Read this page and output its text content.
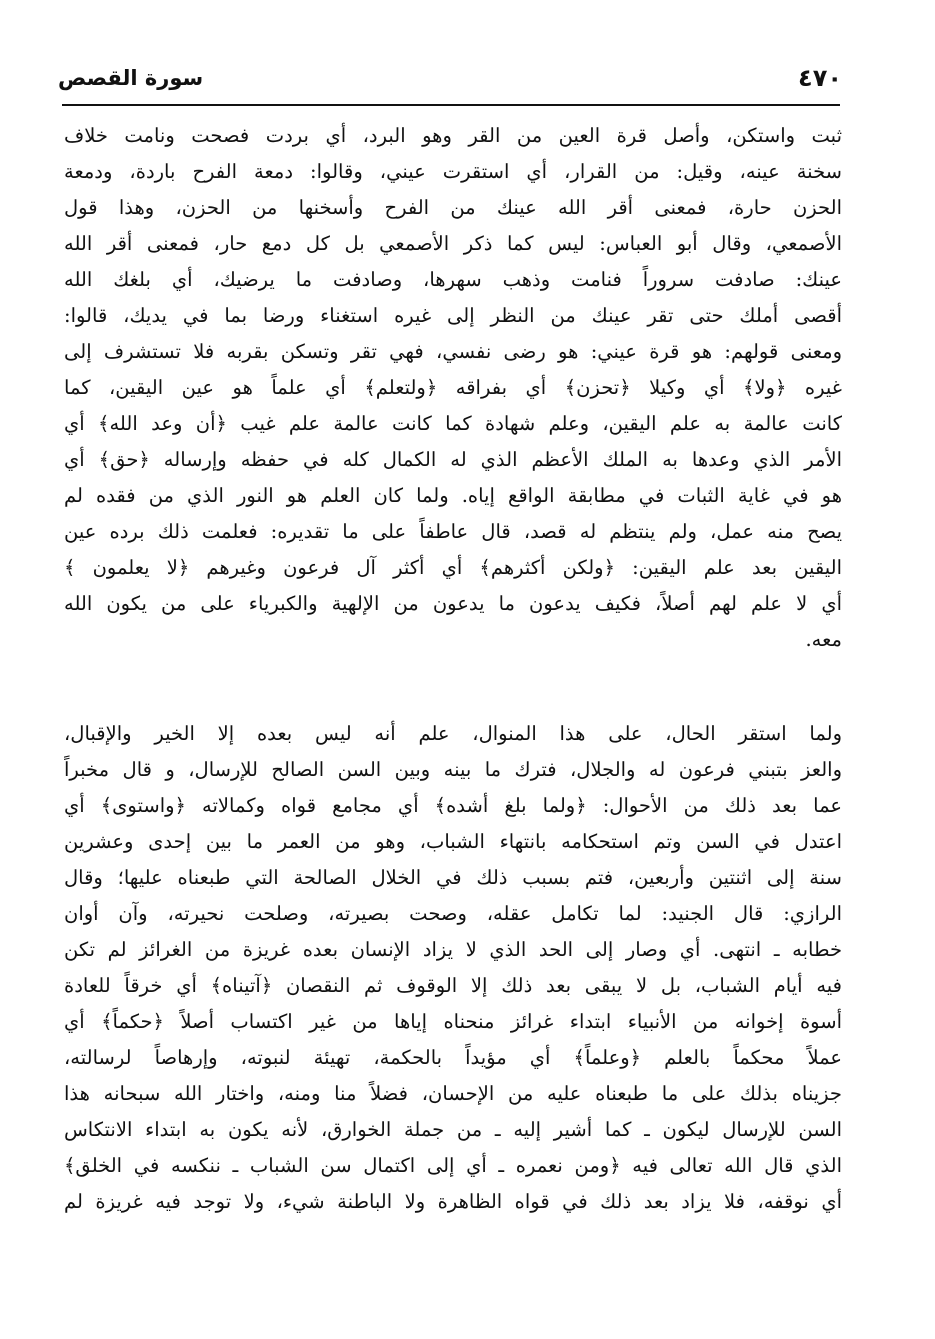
٤٧٠
سورة القصص
ثبت واستكن، وأصل قرة العين من القر وهو البرد، أي بردت فصحت ونامت خلاف
سخنة عينه، وقيل: من القرار، أي استقرت عيني، وقالوا: دمعة الفرح باردة، ودمعة
الحزن حارة، فمعنى أقر الله عينك من الفرح وأسخنها من الحزن، وهذا قول
الأصمعي، وقال أبو العباس: ليس كما ذكر الأصمعي بل كل دمع حار، فمعنى أقر الله
عينك: صادفت سروراً فنامت وذهب سهرها، وصادفت ما يرضيك، أي بلغك الله
أقصى أملك حتى تقر عينك من النظر إلى غيره استغناء ورضا بما في يديك، قالوا:
ومعنى قولهم: هو قرة عيني: هو رضى نفسي، فهي تقر وتسكن بقربه فلا تستشرف إلى
غيره ﴿ولا﴾ أي وكيلا ﴿تحزن﴾ أي بفراقه ﴿ولتعلم﴾ أي علماً هو عين اليقين، كما
كانت عالمة به علم اليقين، وعلم شهادة كما كانت عالمة علم غيب ﴿أن وعد الله﴾ أي
الأمر الذي وعدها به الملك الأعظم الذي له الكمال كله في حفظه وإرساله ﴿حق﴾ أي
هو في غاية الثبات في مطابقة الواقع إياه. ولما كان العلم هو النور الذي من فقده لم
يصح منه عمل، ولم ينتظم له قصد، قال عاطفاً على ما تقديره: فعلمت ذلك برده عين
اليقين بعد علم اليقين: ﴿ولكن أكثرهم﴾ أي أكثر آل فرعون وغيرهم ﴿لا يعلمون ﴾
أي لا علم لهم أصلاً، فكيف يدعون ما يدعون من الإلهية والكبرياء على من يكون الله
معه.
ولما استقر الحال، على هذا المنوال، علم أنه ليس بعده إلا الخير والإقبال،
والعز بتبني فرعون له والجلال، فترك ما بينه وبين السن الصالح للإرسال، و قال مخبراً
عما بعد ذلك من الأحوال: ﴿ولما بلغ أشده﴾ أي مجامع قواه وكمالاته ﴿واستوى﴾ أي
اعتدل في السن وتم استحكامه بانتهاء الشباب، وهو من العمر ما بين إحدى وعشرين
سنة إلى اثنتين وأربعين، فتم بسبب ذلك في الخلال الصالحة التي طبعناه عليها؛ وقال
الرازي: قال الجنيد: لما تكامل عقله، وصحت بصيرته، وصلحت نحيرته، وآن أوان
خطابه ـ انتهى. أي وصار إلى الحد الذي لا يزاد الإنسان بعده غريزة من الغرائز لم تكن
فيه أيام الشباب، بل لا يبقى بعد ذلك إلا الوقوف ثم النقصان ﴿آتيناه﴾ أي خرقاً للعادة
أسوة إخوانه من الأنبياء ابتداء غرائز منحناه إياها من غير اكتساب أصلاً ﴿حكماً﴾ أي
عملاً محكماً بالعلم ﴿وعلماً﴾ أي مؤيداً بالحكمة، تهيئة لنبوته، وإرهاصاً لرسالته،
جزيناه بذلك على ما طبعناه عليه من الإحسان، فضلاً منا ومنه، واختار الله سبحانه هذا
السن للإرسال ليكون ـ كما أشير إليه ـ من جملة الخوارق، لأنه يكون به ابتداء الانتكاس
الذي قال الله تعالى فيه ﴿ومن نعمره ـ أي إلى اكتمال سن الشباب ـ ننكسه في الخلق﴾
أي نوقفه، فلا يزاد بعد ذلك في قواه الظاهرة ولا الباطنة شيء، ولا توجد فيه غريزة لم
